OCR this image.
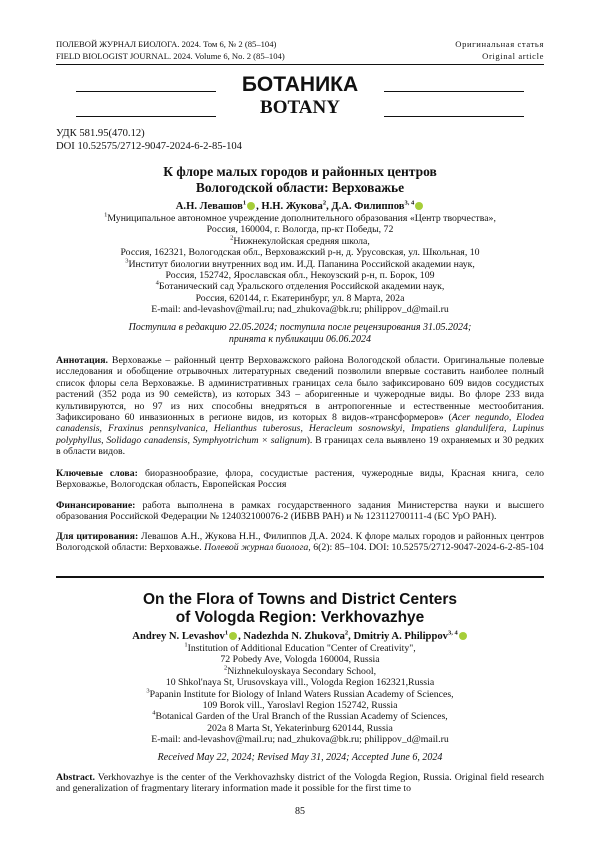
ПОЛЕВОЙ ЖУРНАЛ БИОЛОГА. 2024. Том 6, № 2 (85–104)
FIELD BIOLOGIST JOURNAL. 2024. Volume 6, No. 2 (85–104)
Оригинальная статья
Original article
БОТАНИКА
BOTANY
УДК 581.95(470.12)
DOI 10.52575/2712-9047-2024-6-2-85-104
К флоре малых городов и районных центров
Вологодской области: Верховажье
А.Н. Левашов$^1$ , Н.Н. Жукова$^2$, Д.А. Филиппов$^{3, 4}$
$^1$Муниципальное автономное учреждение дополнительного образования «Центр творчества»,
Россия, 160004, г. Вологда, пр-кт Победы, 72
$^2$Нижнекулойская средняя школа,
Россия, 162321, Вологодская обл., Верховажский р-н, д. Урусовская, ул. Школьная, 10
$^3$Институт биологии внутренних вод им. И.Д. Папанина Российской академии наук,
Россия, 152742, Ярославская обл., Некоузский р-н, п. Борок, 109
$^4$Ботанический сад Уральского отделения Российской академии наук,
Россия, 620144, г. Екатеринбург, ул. 8 Марта, 202а
E-mail: and-levashov@mail.ru; nad_zhukova@bk.ru; philippov_d@mail.ru
Поступила в редакцию 22.05.2024; поступила после рецензирования 31.05.2024;
принята к публикации 06.06.2024
Аннотация. Верховажье – районный центр Верховажского района Вологодской области. Оригинальные полевые исследования и обобщение отрывочных литературных сведений позволили впервые составить наиболее полный список флоры села Верховажье. В административных границах села было зафиксировано 609 видов сосудистых растений (352 рода из 90 семейств), из которых 343 – аборигенные и чужеродные виды. Во флоре 233 вида культивируются, но 97 из них способны внедряться в антропогенные и естественные местообитания. Зафиксировано 60 инвазионных в регионе видов, из которых 8 видов-«трансформеров» (Acer negundo, Elodea canadensis, Fraxinus pennsylvanica, Helianthus tuberosus, Heracleum sosnowskyi, Impatiens glandulifera, Lupinus polyphyllus, Solidago canadensis, Symphyotrichum × salignum). В границах села выявлено 19 охраняемых и 30 редких в области видов.
Ключевые слова: биоразнообразие, флора, сосудистые растения, чужеродные виды, Красная книга, село Верховажье, Вологодская область, Европейская Россия
Финансирование: работа выполнена в рамках государственного задания Министерства науки и высшего образования Российской Федерации № 124032100076-2 (ИБВВ РАН) и № 123112700111-4 (БС УрО РАН).
Для цитирования: Левашов А.Н., Жукова Н.Н., Филиппов Д.А. 2024. К флоре малых городов и районных центров Вологодской области: Верховажье. Полевой журнал биолога, 6(2): 85–104. DOI: 10.52575/2712-9047-2024-6-2-85-104
On the Flora of Towns and District Centers
of Vologda Region: Verkhovazhye
Andrey N. Levashov$^1$ , Nadezhda N. Zhukova$^2$, Dmitriy A. Philippov$^{3, 4}$
$^1$Institution of Additional Education "Center of Creativity",
72 Pobedy Ave, Vologda 160004, Russia
$^2$Nizhnekuloyskaya Secondary School,
10 Shkol'naya St, Urusovskaya vill., Vologda Region 162321,Russia
$^3$Papanin Institute for Biology of Inland Waters Russian Academy of Sciences,
109 Borok vill., Yaroslavl Region 152742, Russia
$^4$Botanical Garden of the Ural Branch of the Russian Academy of Sciences,
202a 8 Marta St, Yekaterinburg 620144, Russia
E-mail: and-levashov@mail.ru; nad_zhukova@bk.ru; philippov_d@mail.ru
Received May 22, 2024; Revised May 31, 2024; Accepted June 6, 2024
Abstract. Verkhovazhye is the center of the Verkhovazhsky district of the Vologda Region, Russia. Original field research and generalization of fragmentary literary information made it possible for the first time to
85
